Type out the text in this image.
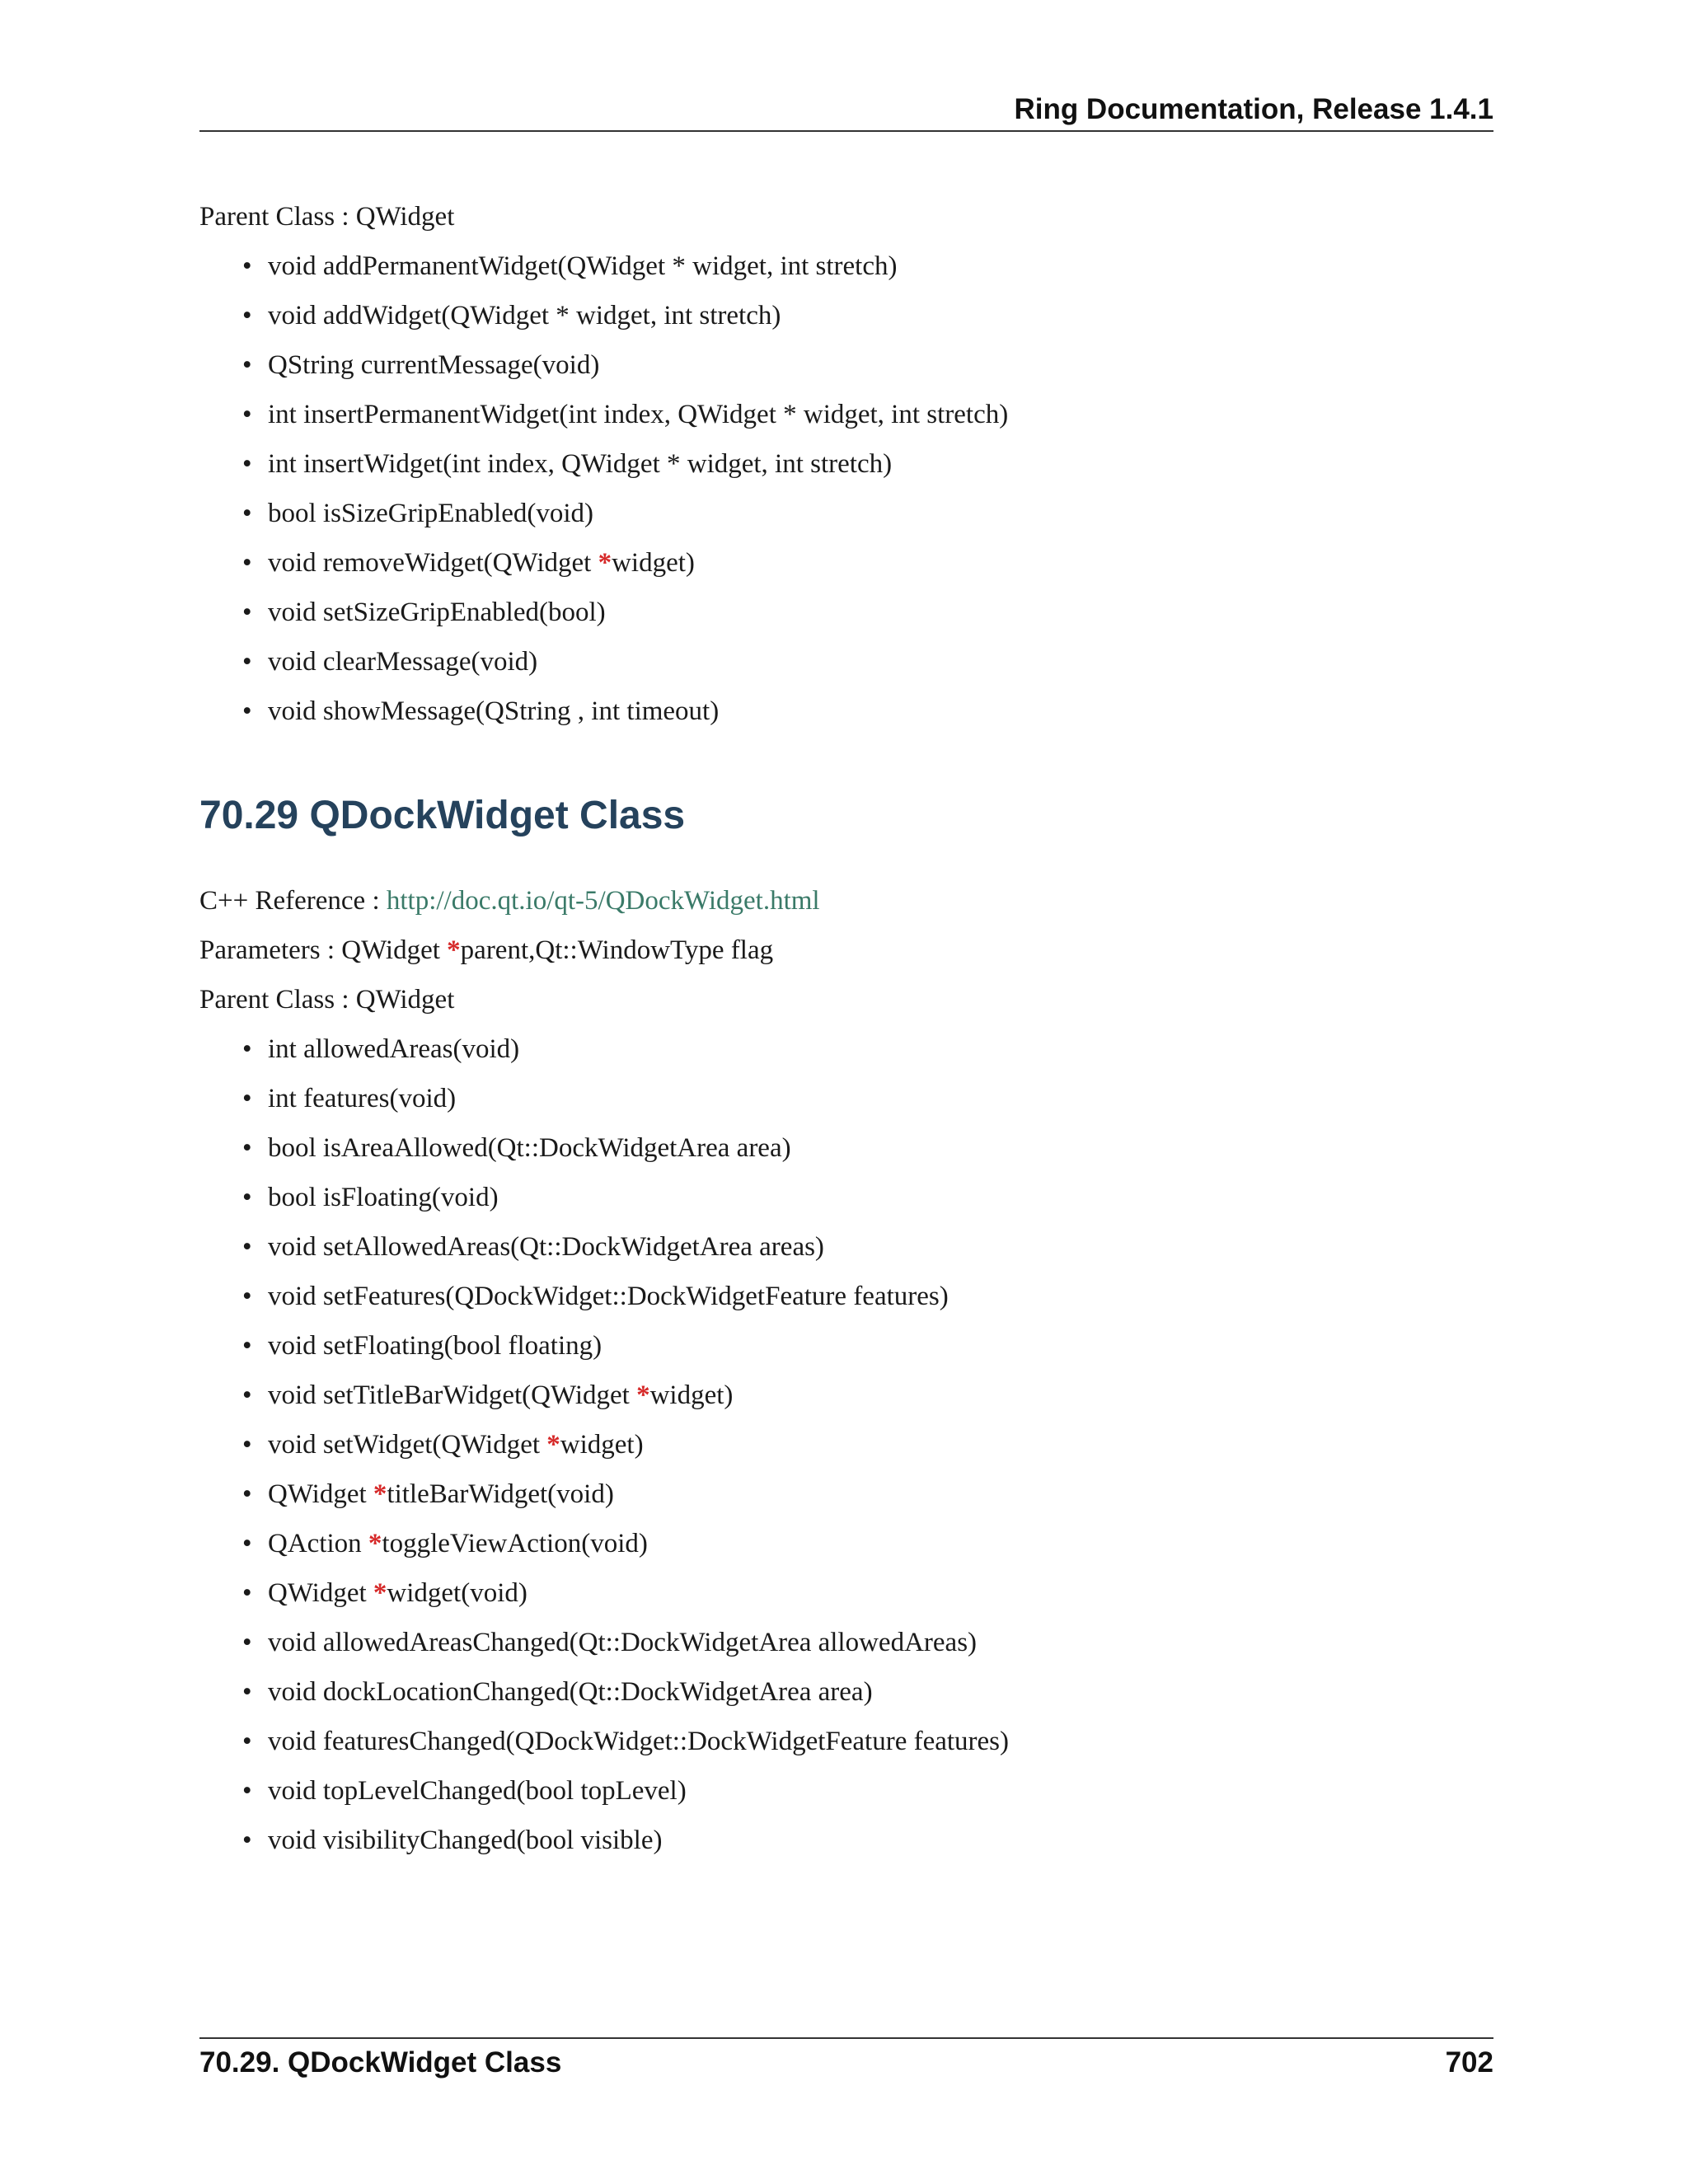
Ring Documentation, Release 1.4.1

Parent Class : QWidget

• void addPermanentWidget(QWidget * widget, int stretch)
• void addWidget(QWidget * widget, int stretch)
• QString currentMessage(void)
• int insertPermanentWidget(int index, QWidget * widget, int stretch)
• int insertWidget(int index, QWidget * widget, int stretch)
• bool isSizeGripEnabled(void)
• void removeWidget(QWidget *widget)
• void setSizeGripEnabled(bool)
• void clearMessage(void)
• void showMessage(QString , int timeout)
70.29 QDockWidget Class

C++ Reference : http://doc.qt.io/qt-5/QDockWidget.html

Parameters : QWidget *parent,Qt::WindowType flag

Parent Class : QWidget

• int allowedAreas(void)
• int features(void)
• bool isAreaAllowed(Qt::DockWidgetArea area)
• bool isFloating(void)
• void setAllowedAreas(Qt::DockWidgetArea areas)
• void setFeatures(QDockWidget::DockWidgetFeature features)
• void setFloating(bool floating)
• void setTitleBarWidget(QWidget *widget)
• void setWidget(QWidget *widget)
• QWidget *titleBarWidget(void)
• QAction *toggleViewAction(void)
• QWidget *widget(void)
• void allowedAreasChanged(Qt::DockWidgetArea allowedAreas)
• void dockLocationChanged(Qt::DockWidgetArea area)
• void featuresChanged(QDockWidget::DockWidgetFeature features)
• void topLevelChanged(bool topLevel)
• void visibilityChanged(bool visible)
70.29. QDockWidget Class	702
